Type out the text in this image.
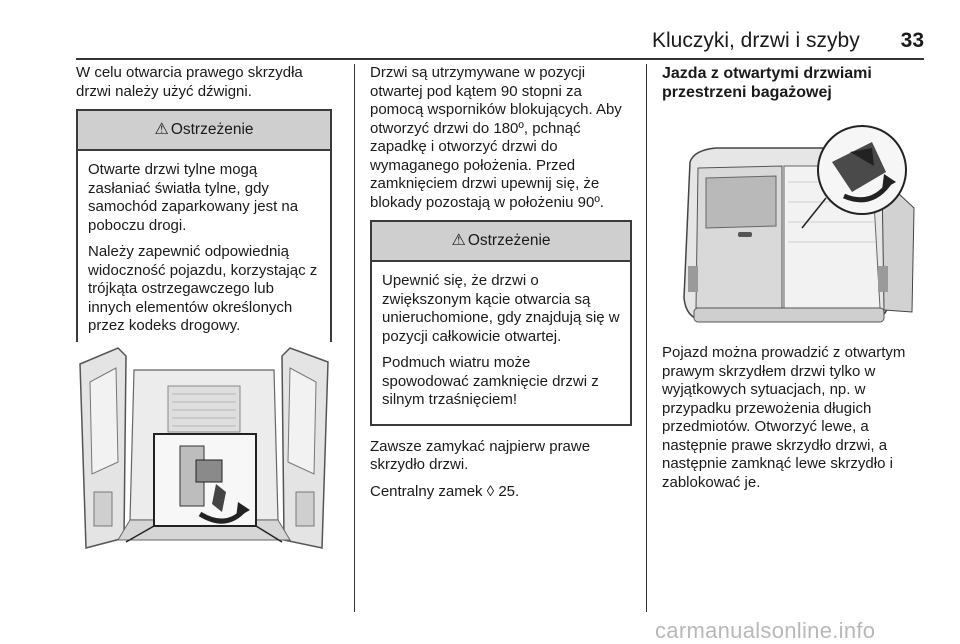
Kluczyki, drzwi i szyby	33

W celu otwarcia prawego skrzydła drzwi należy użyć dźwigni.

⚠ Ostrzeżenie

Otwarte drzwi tylne mogą zasłaniać światła tylne, gdy samochód zaparkowany jest na poboczu drogi.

Należy zapewnić odpowiednią widoczność pojazdu, korzystając z trójkąta ostrzegawczego lub innych elementów określonych przez kodeks drogowy.

Drzwi są utrzymywane w pozycji otwartej pod kątem 90 stopni za pomocą wsporników blokujących. Aby otworzyć drzwi do 180º, pchnąć zapadkę i otworzyć drzwi do wymaganego położenia. Przed zamknięciem drzwi upewnij się, że blokady pozostają w położeniu 90º.

⚠ Ostrzeżenie

Upewnić się, że drzwi o zwiększonym kącie otwarcia są unieruchomione, gdy znajdują się w pozycji całkowicie otwartej.

Podmuch wiatru może spowodować zamknięcie drzwi z silnym trzaśnięciem!

Zawsze zamykać najpierw prawe skrzydło drzwi.

Centralny zamek ◊ 25.

Jazda z otwartymi drzwiami przestrzeni bagażowej

Pojazd można prowadzić z otwartym prawym skrzydłem drzwi tylko w wyjątkowych sytuacjach, np. w przypadku przewożenia długich przedmiotów. Otworzyć lewe, a następnie prawe skrzydło drzwi, a następnie zamknąć lewe skrzydło i zablokować je.

carmanualsonline.info
